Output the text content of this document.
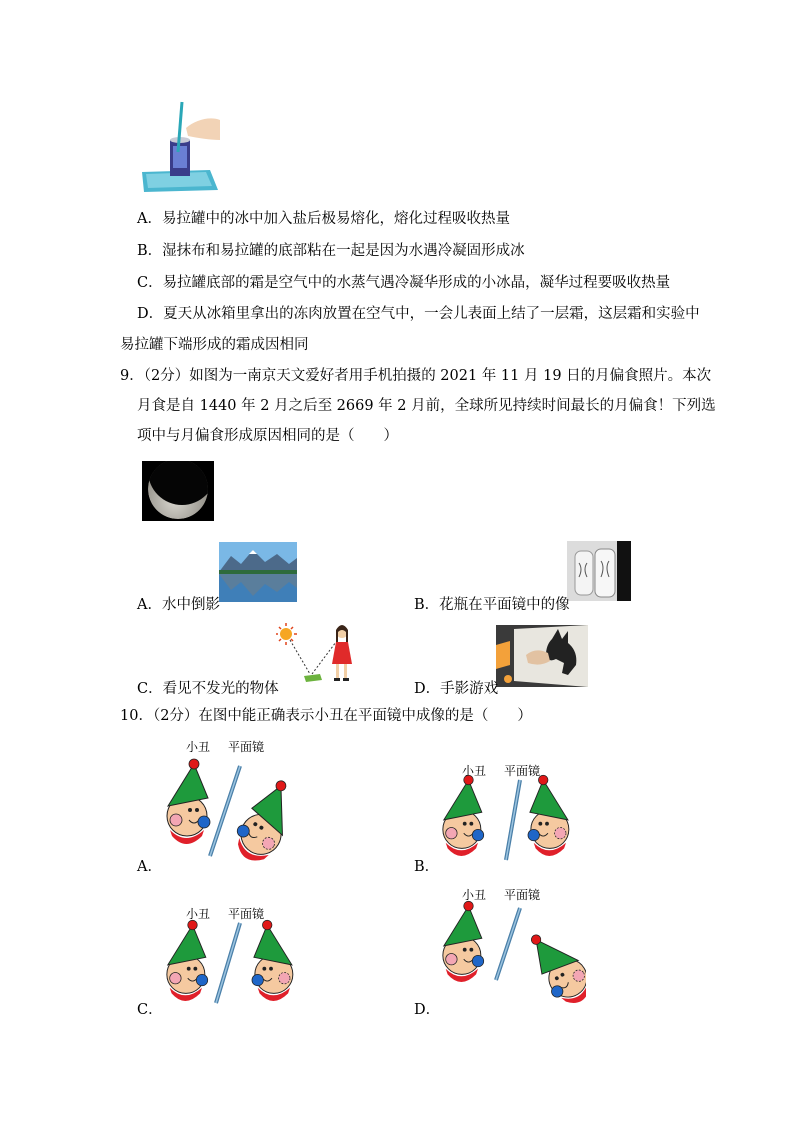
A．易拉罐中的冰中加入盐后极易熔化，熔化过程吸收热量
B．湿抹布和易拉罐的底部粘在一起是因为水遇冷凝固形成冰
C．易拉罐底部的霜是空气中的水蒸气遇冷凝华形成的小冰晶，凝华过程要吸收热量
D．夏天从冰箱里拿出的冻肉放置在空气中，一会儿表面上结了一层霜，这层霜和实验中
易拉罐下端形成的霜成因相同
9．（2分）如图为一南京天文爱好者用手机拍摄的 2021 年 11 月 19 日的月偏食照片。本次
月食是自 1440 年 2 月之后至 2669 年 2 月前，全球所见持续时间最长的月偏食！下列选
项中与月偏食形成原因相同的是（　　）
A．水中倒影	B．花瓶在平面镜中的像
C．看见不发光的物体	D．手影游戏
10．（2分）在图中能正确表示小丑在平面镜中成像的是（　　）
小丑 平面镜
A．
小丑 平面镜
B．
小丑 平面镜
C．
小丑 平面镜
D．
